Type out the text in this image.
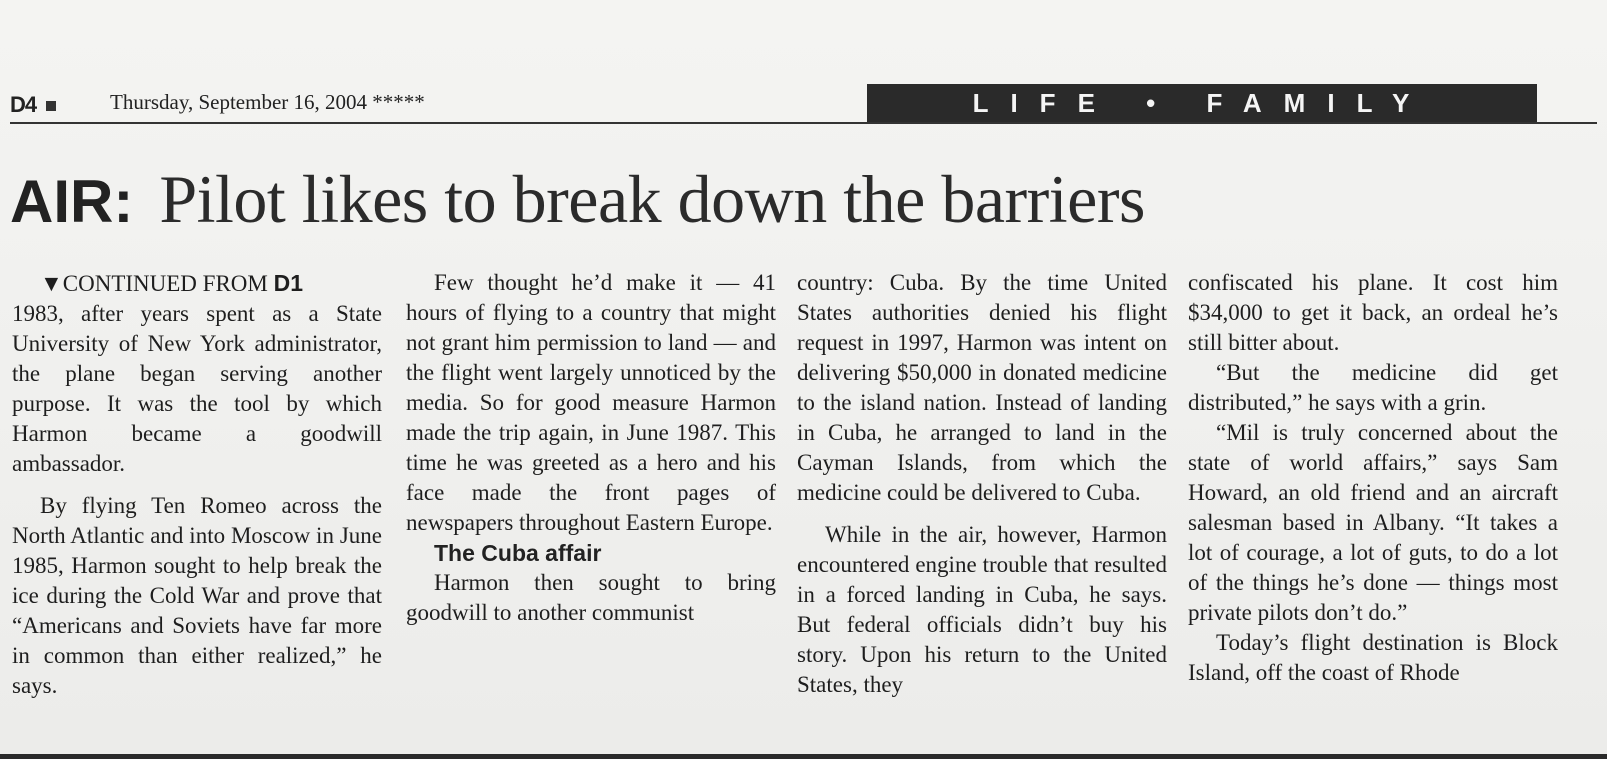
D4	Thursday, September 16, 2004 *****	LIFE • FAMILY
AIR: Pilot likes to break down the barriers

▼CONTINUED FROM D1

1983, after years spent as a State University of New York administrator, the plane began serving another purpose. It was the tool by which Harmon became a goodwill ambassador.

By flying Ten Romeo across the North Atlantic and into Moscow in June 1985, Harmon sought to help break the ice during the Cold War and prove that “Americans and Soviets have far more in common than either realized,” he says.

Few thought he’d make it — 41 hours of flying to a country that might not grant him permission to land — and the flight went largely unnoticed by the media. So for good measure Harmon made the trip again, in June 1987. This time he was greeted as a hero and his face made the front pages of newspapers throughout Eastern Europe.

The Cuba affair

Harmon then sought to bring goodwill to another communist

country: Cuba. By the time United States authorities denied his flight request in 1997, Harmon was intent on delivering $50,000 in donated medicine to the island nation. Instead of landing in Cuba, he arranged to land in the Cayman Islands, from which the medicine could be delivered to Cuba.

While in the air, however, Harmon encountered engine trouble that resulted in a forced landing in Cuba, he says. But federal officials didn’t buy his story. Upon his return to the United States, they

confiscated his plane. It cost him $34,000 to get it back, an ordeal he’s still bitter about.

“But the medicine did get distributed,” he says with a grin.

“Mil is truly concerned about the state of world affairs,” says Sam Howard, an old friend and an aircraft salesman based in Albany. “It takes a lot of courage, a lot of guts, to do a lot of the things he’s done — things most private pilots don’t do.”

Today’s flight destination is Block Island, off the coast of Rhode
